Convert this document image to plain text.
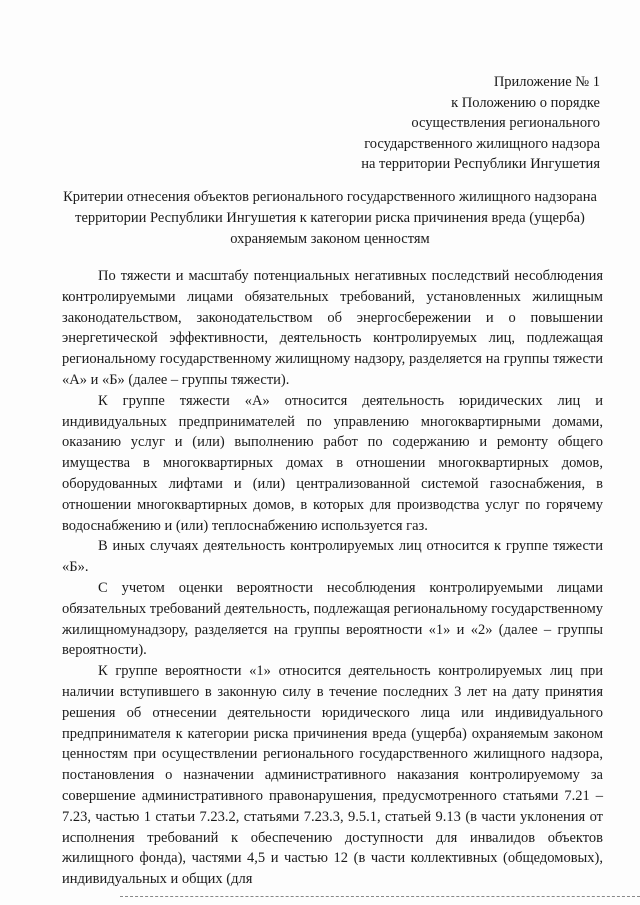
Приложение № 1
к Положению о порядке
осуществления регионального
государственного жилищного надзора
на территории Республики Ингушетия
Критерии отнесения объектов регионального государственного жилищного надзорана территории Республики Ингушетия к категории риска причинения вреда (ущерба) охраняемым законом ценностям

По тяжести и масштабу потенциальных негативных последствий несоблюдения контролируемыми лицами обязательных требований, установленных жилищным законодательством, законодательством об энергосбережении и о повышении энергетической эффективности, деятельность контролируемых лиц, подлежащая региональному государственному жилищному надзору, разделяется на группы тяжести «А» и «Б» (далее – группы тяжести).

К группе тяжести «А» относится деятельность юридических лиц и индивидуальных предпринимателей по управлению многоквартирными домами, оказанию услуг и (или) выполнению работ по содержанию и ремонту общего имущества в многоквартирных домах в отношении многоквартирных домов, оборудованных лифтами и (или) централизованной системой газоснабжения, в отношении многоквартирных домов, в которых для производства услуг по горячему водоснабжению и (или) теплоснабжению используется газ.

В иных случаях деятельность контролируемых лиц относится к группе тяжести «Б».

С учетом оценки вероятности несоблюдения контролируемыми лицами обязательных требований деятельность, подлежащая региональному государственному жилищномунадзору, разделяется на группы вероятности «1» и «2» (далее – группы вероятности).

К группе вероятности «1» относится деятельность контролируемых лиц при наличии вступившего в законную силу в течение последних 3 лет на дату принятия решения об отнесении деятельности юридического лица или индивидуального предпринимателя к категории риска причинения вреда (ущерба) охраняемым законом ценностям при осуществлении регионального государственного жилищного надзора, постановления о назначении административного наказания контролируемому за совершение административного правонарушения, предусмотренного статьями 7.21 – 7.23, частью 1 статьи 7.23.2, статьями 7.23.3, 9.5.1, статьей 9.13 (в части уклонения от исполнения требований к обеспечению доступности для инвалидов объектов жилищного фонда), частями 4,5 и частью 12 (в части коллективных (общедомовых), индивидуальных и общих (для
